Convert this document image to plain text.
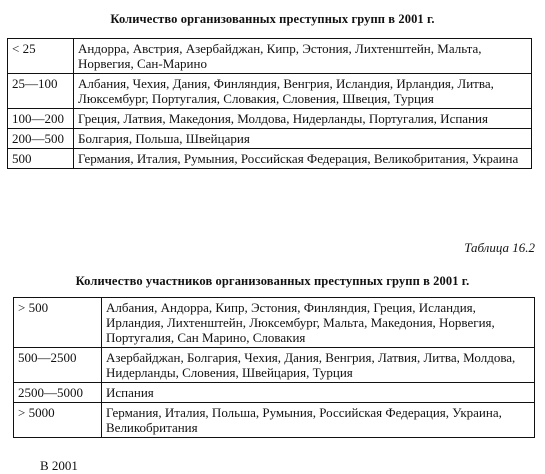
Количество организованных преступных групп в 2001 г.
< 25	Андорра, Австрия, Азербайджан, Кипр, Эстония, Лихтенштейн, Мальта, Норвегия, Сан-Марино
25—100	Албания, Чехия, Дания, Финляндия, Венгрия, Исландия, Ирландия, Литва, Люксембург, Португалия, Словакия, Словения, Швеция, Турция
100—200	Греция, Латвия, Македония, Молдова, Нидерланды, Португалия, Испания
200—500	Болгария, Польша, Швейцария
500	Германия, Италия, Румыния, Российская Федерация, Великобритания, Украина
Таблица 16.2
Количество участников организованных преступных групп в 2001 г.
> 500	Албания, Андорра, Кипр, Эстония, Финляндия, Греция, Исландия, Ирландия, Лихтенштейн, Люксембург, Мальта, Македония, Норвегия, Португалия, Сан Марино, Словакия
500—2500	Азербайджан, Болгария, Чехия, Дания, Венгрия, Латвия, Литва, Молдова, Нидерланды, Словения, Швейцария, Турция
2500—5000	Испания
> 5000	Германия, Италия, Польша, Румыния, Российская Федерация, Украина, Великобритания
В 2001
